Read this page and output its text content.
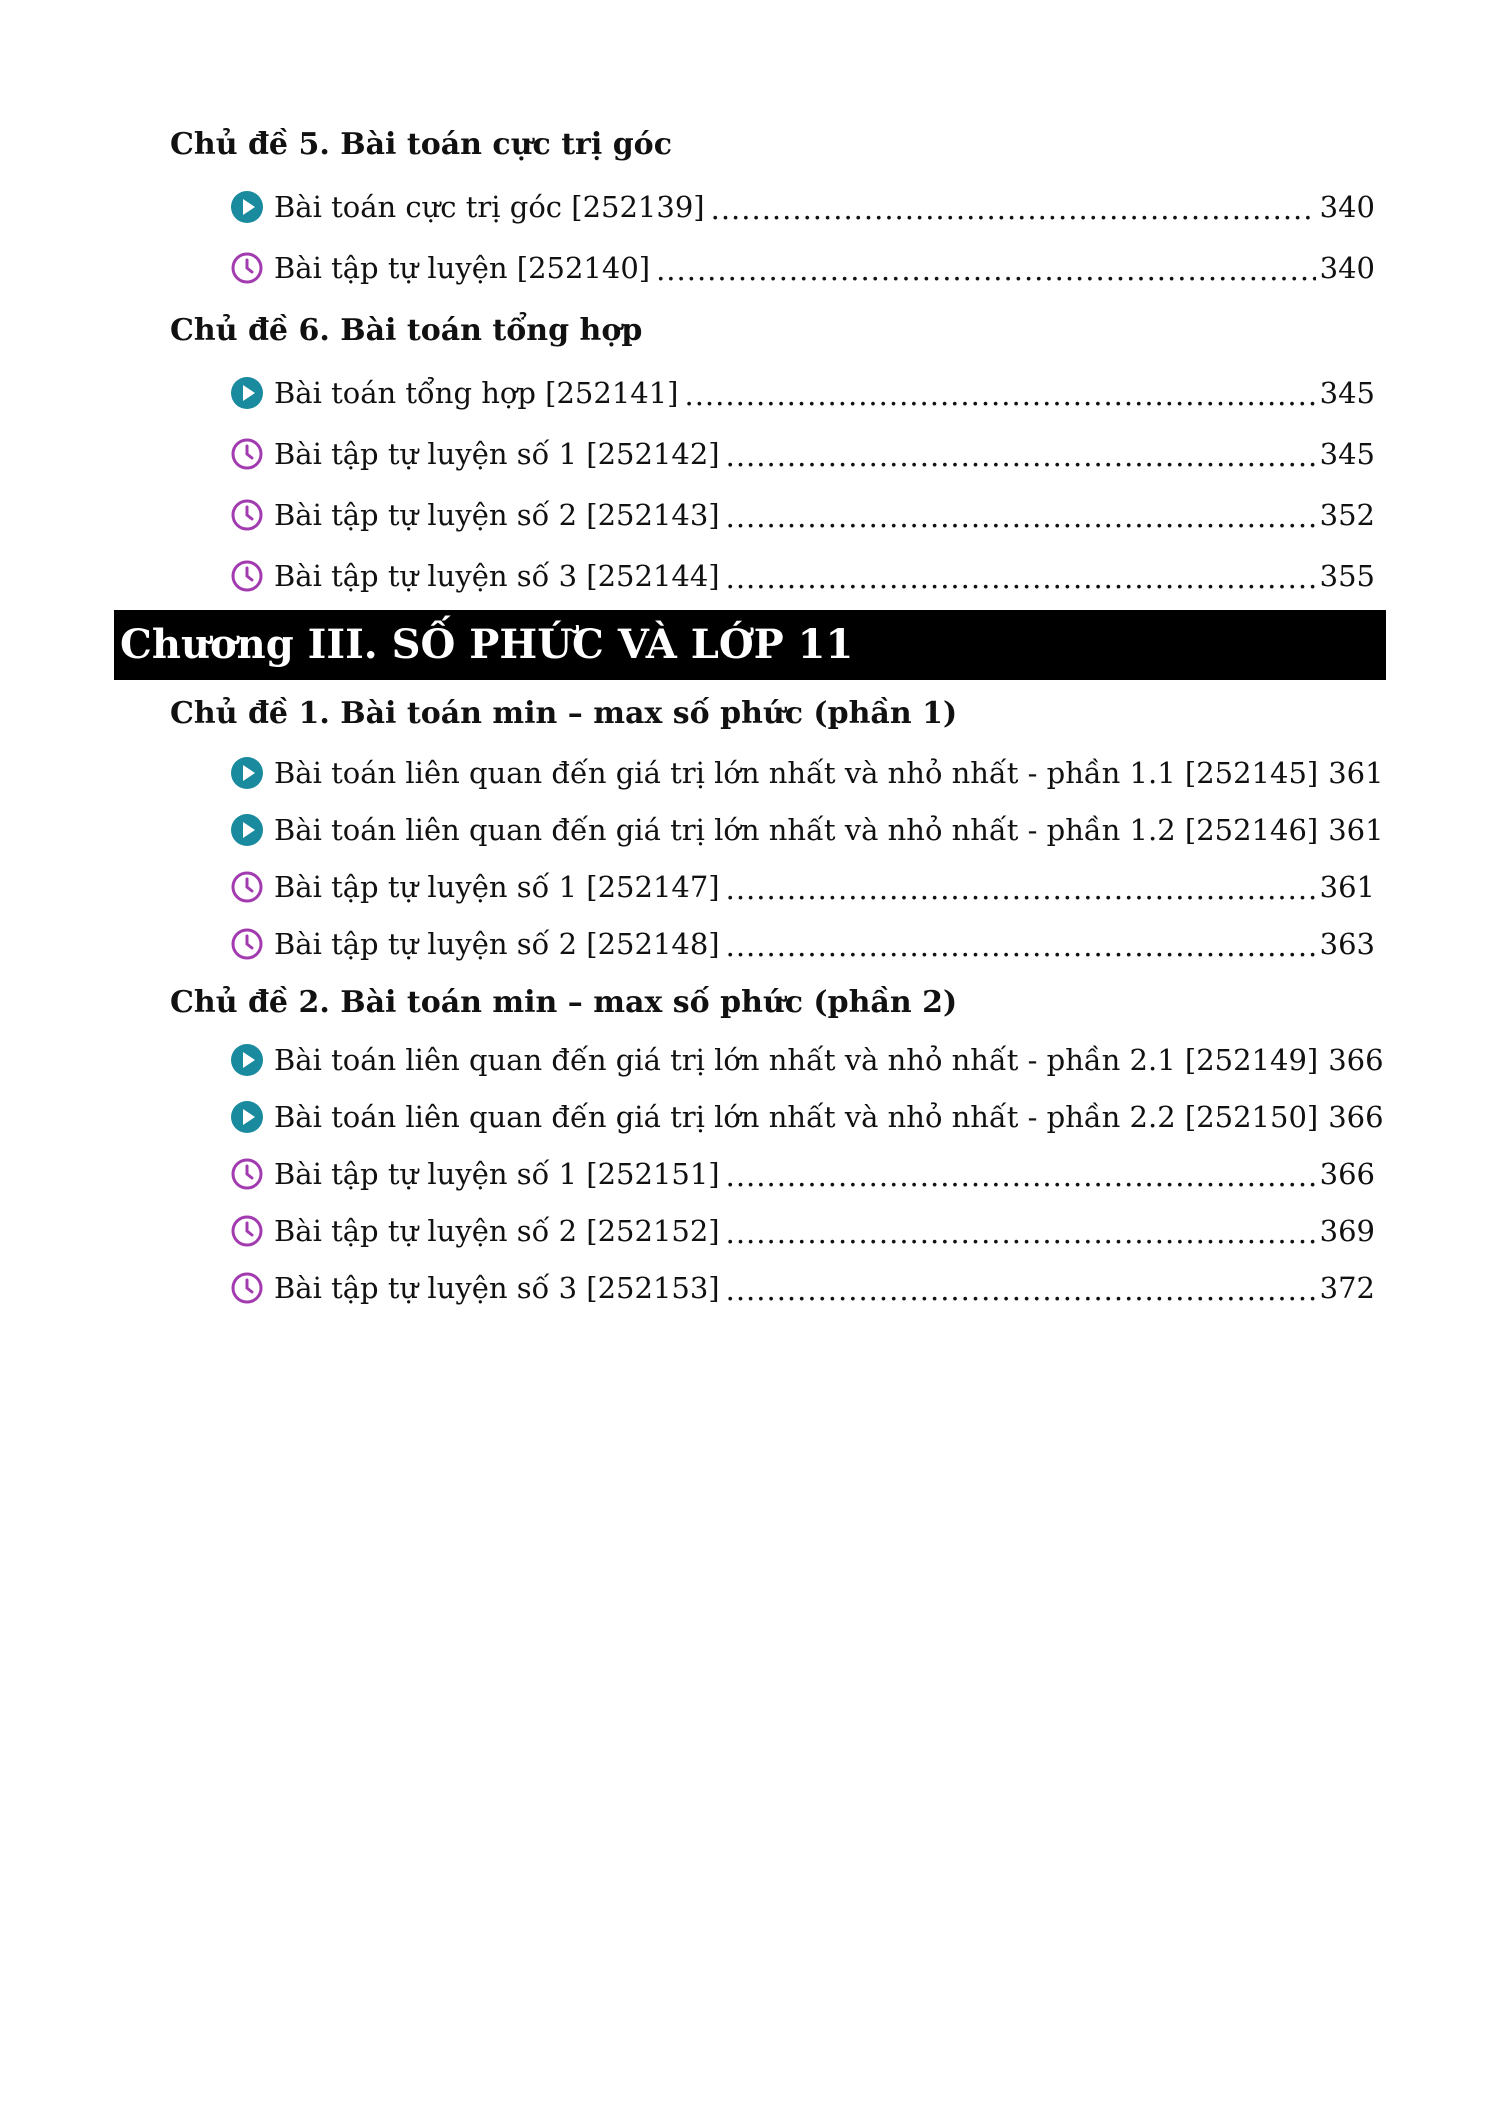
Chủ đề 5. Bài toán cực trị góc
Bài toán cực trị góc [252139] .....	340
Bài tập tự luyện [252140] .....	340
Chủ đề 6. Bài toán tổng hợp
Bài toán tổng hợp [252141] .....	345
Bài tập tự luyện số 1 [252142] .....	345
Bài tập tự luyện số 2 [252143] .....	352
Bài tập tự luyện số 3 [252144] .....	355
Chương III. SỐ PHỨC VÀ LỚP 11
Chủ đề 1. Bài toán min – max số phức (phần 1)
Bài toán liên quan đến giá trị lớn nhất và nhỏ nhất - phần 1.1 [252145] 361
Bài toán liên quan đến giá trị lớn nhất và nhỏ nhất - phần 1.2 [252146] 361
Bài tập tự luyện số 1 [252147] .....	361
Bài tập tự luyện số 2 [252148] .....	363
Chủ đề 2. Bài toán min – max số phức (phần 2)
Bài toán liên quan đến giá trị lớn nhất và nhỏ nhất - phần 2.1 [252149] 366
Bài toán liên quan đến giá trị lớn nhất và nhỏ nhất - phần 2.2 [252150] 366
Bài tập tự luyện số 1 [252151] .....	366
Bài tập tự luyện số 2 [252152] .....	369
Bài tập tự luyện số 3 [252153] .....	372
